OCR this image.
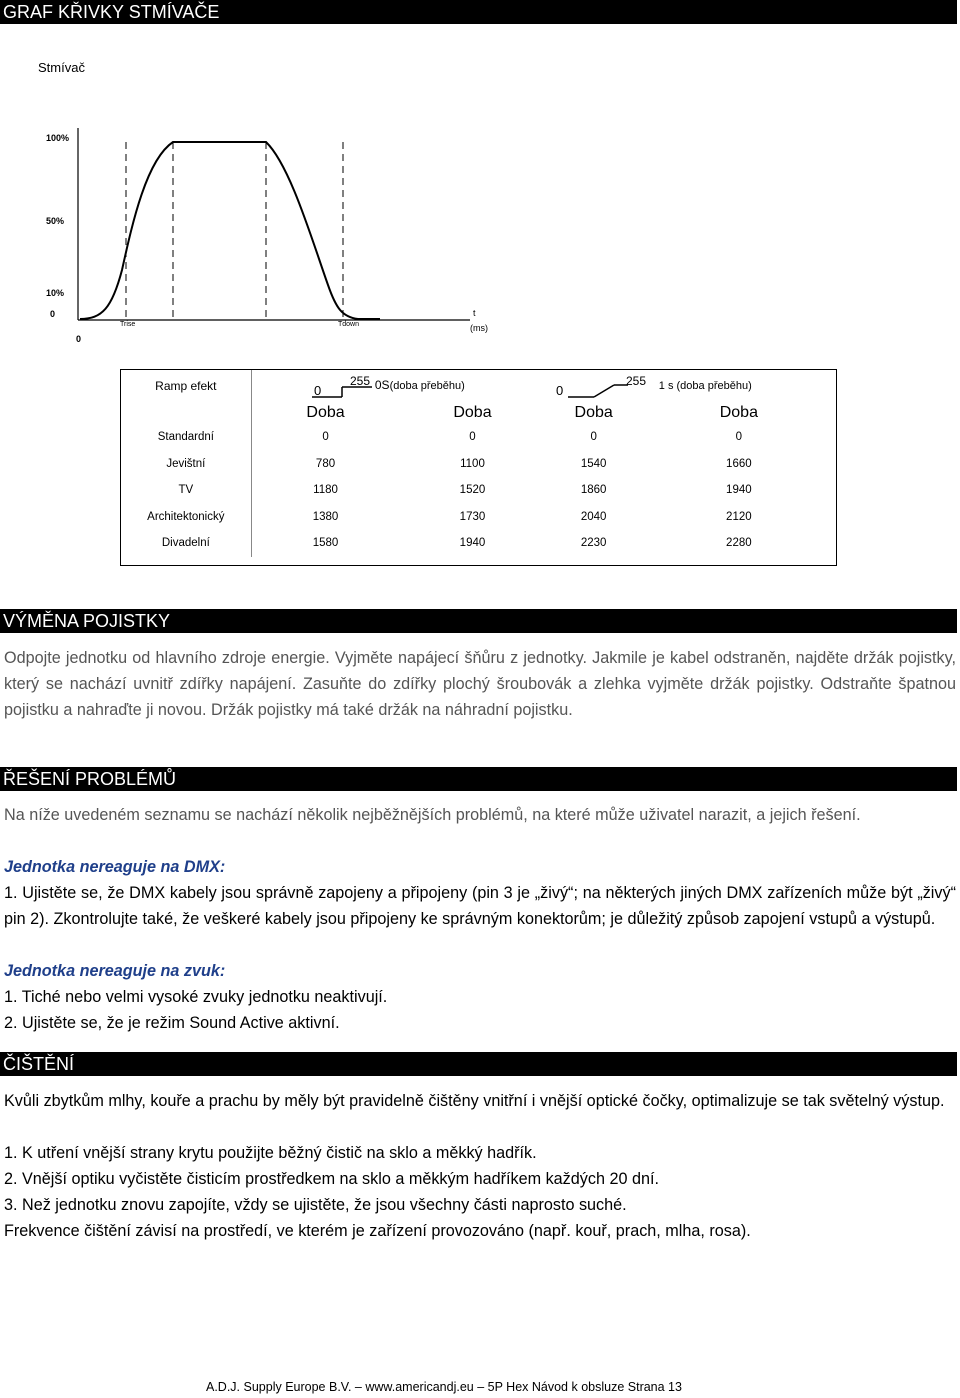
GRAF KŘIVKY STMÍVAČE
Stmívač
100%
50%
10%
0
0
Trise	Tdown
t
(ms)
Ramp efekt	0
255 0S(doba přeběhu)		0
255 1 s (doba přeběhu)	
	Doba	Doba	Doba	Doba
Standardní	0	0	0	0
Jevištní	780	1100	1540	1660
TV	1180	1520	1860	1940
Architektonický	1380	1730	2040	2120
Divadelní	1580	1940	2230	2280
VÝMĚNA POJISTKY
Odpojte jednotku od hlavního zdroje energie. Vyjměte napájecí šňůru z jednotky. Jakmile je kabel odstraněn, najděte držák pojistky, který se nachází uvnitř zdířky napájení. Zasuňte do zdířky plochý šroubovák a zlehka vyjměte držák pojistky. Odstraňte špatnou pojistku a nahraďte ji novou. Držák pojistky má také držák na náhradní pojistku.
ŘEŠENÍ PROBLÉMŮ
Na níže uvedeném seznamu se nachází několik nejběžnějších problémů, na které může uživatel narazit, a jejich řešení.
Jednotka nereaguje na DMX:
1. Ujistěte se, že DMX kabely jsou správně zapojeny a připojeny (pin 3 je „živý“; na některých jiných DMX zařízeních může být „živý“ pin 2). Zkontrolujte také, že veškeré kabely jsou připojeny ke správným konektorům; je důležitý způsob zapojení vstupů a výstupů.
Jednotka nereaguje na zvuk:
1. Tiché nebo velmi vysoké zvuky jednotku neaktivují.
2. Ujistěte se, že je režim Sound Active aktivní.
ČIŠTĚNÍ
Kvůli zbytkům mlhy, kouře a prachu by měly být pravidelně čištěny vnitřní i vnější optické čočky, optimalizuje se tak světelný výstup.
1. K utření vnější strany krytu použijte běžný čistič na sklo a měkký hadřík.
2. Vnější optiku vyčistěte čisticím prostředkem na sklo a měkkým hadříkem každých 20 dní.
3. Než jednotku znovu zapojíte, vždy se ujistěte, že jsou všechny části naprosto suché.
Frekvence čištění závisí na prostředí, ve kterém je zařízení provozováno (např. kouř, prach, mlha, rosa).
A.D.J. Supply Europe B.V. – www.americandj.eu – 5P Hex Návod k obsluze Strana 13
